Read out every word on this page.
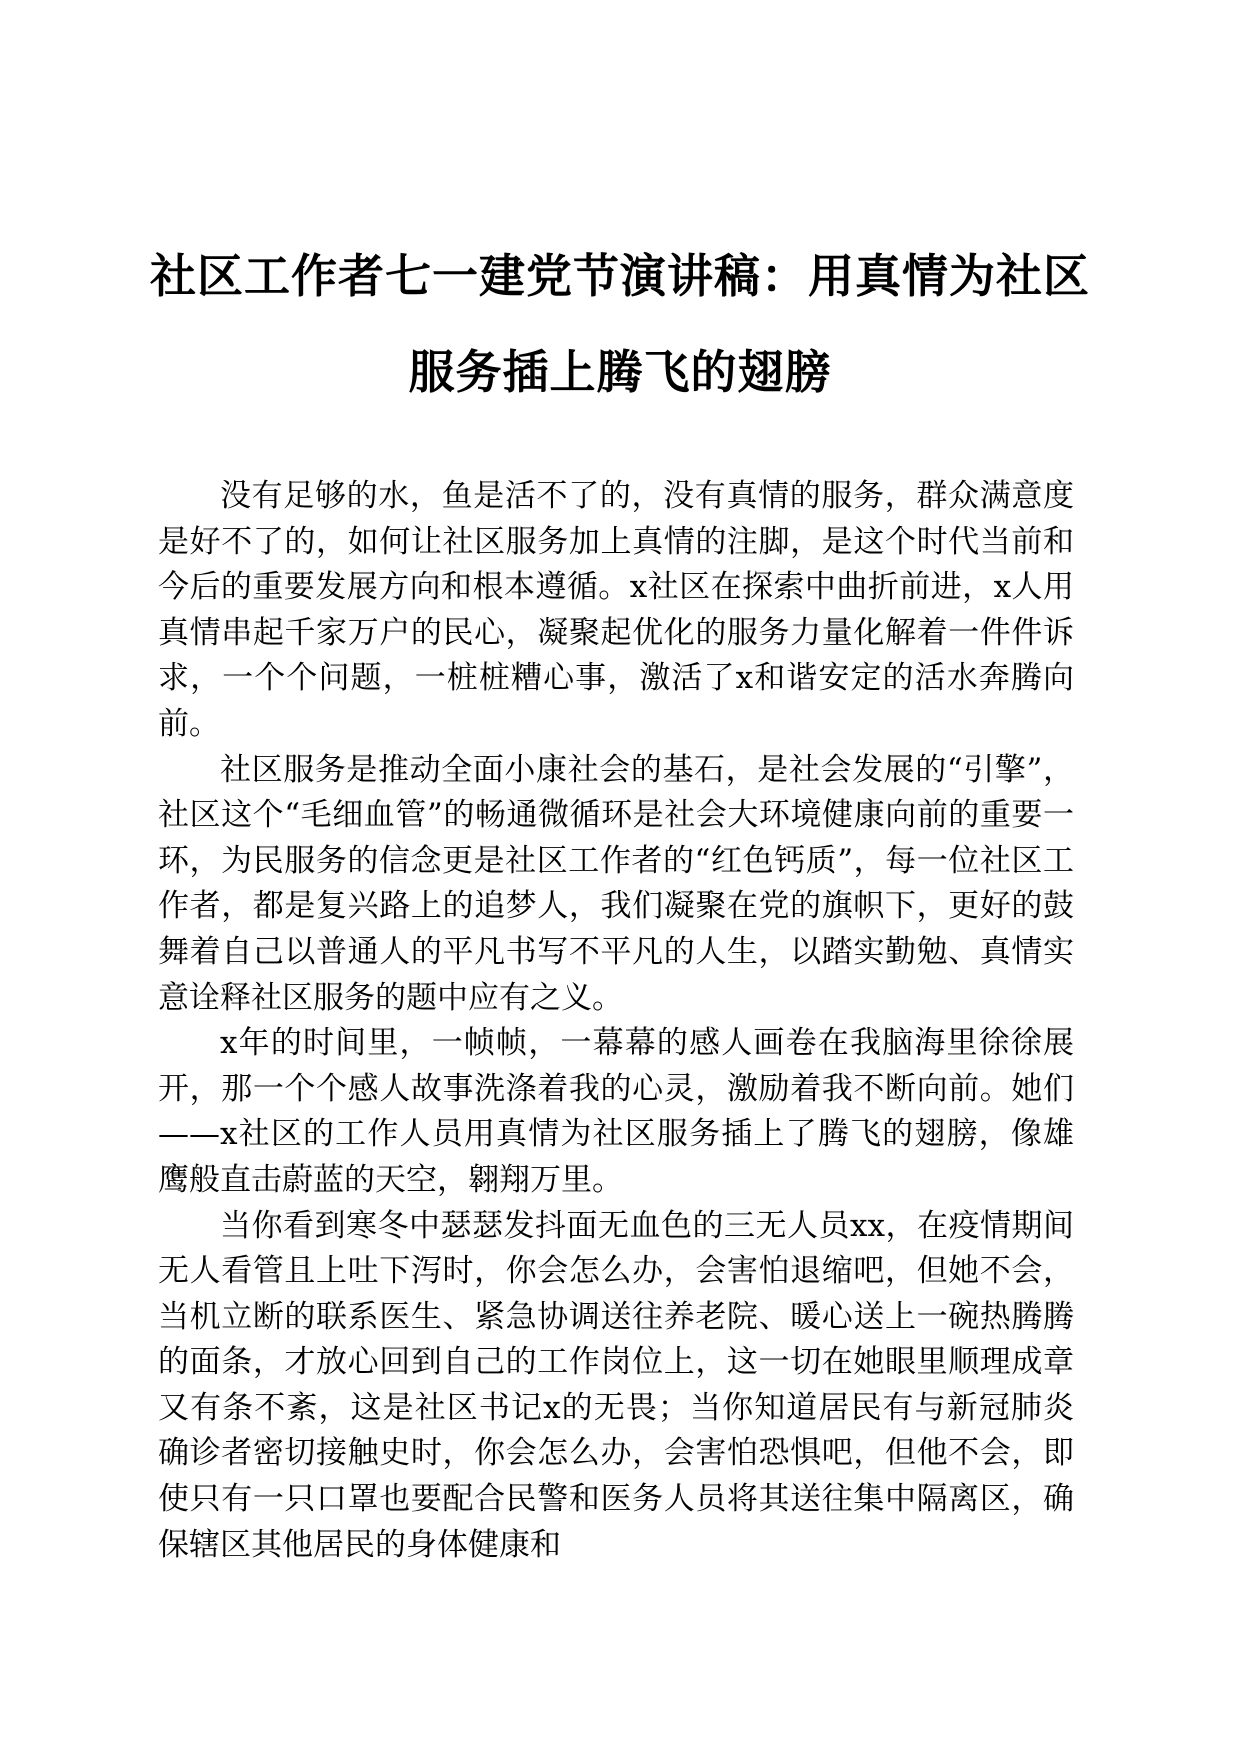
社区工作者七一建党节演讲稿：用真情为社区
服务插上腾飞的翅膀

没有足够的水，鱼是活不了的，没有真情的服务，群众满意度是好不了的，如何让社区服务加上真情的注脚，是这个时代当前和今后的重要发展方向和根本遵循。x社区在探索中曲折前进，x人用真情串起千家万户的民心，凝聚起优化的服务力量化解着一件件诉求，一个个问题，一桩桩糟心事，激活了x和谐安定的活水奔腾向前。

社区服务是推动全面小康社会的基石，是社会发展的“引擎”，社区这个“毛细血管”的畅通微循环是社会大环境健康向前的重要一环，为民服务的信念更是社区工作者的“红色钙质”，每一位社区工作者，都是复兴路上的追梦人，我们凝聚在党的旗帜下，更好的鼓舞着自己以普通人的平凡书写不平凡的人生，以踏实勤勉、真情实意诠释社区服务的题中应有之义。

x年的时间里，一帧帧，一幕幕的感人画卷在我脑海里徐徐展开，那一个个感人故事洗涤着我的心灵，激励着我不断向前。她们——x社区的工作人员用真情为社区服务插上了腾飞的翅膀，像雄鹰般直击蔚蓝的天空，翱翔万里。

当你看到寒冬中瑟瑟发抖面无血色的三无人员xx，在疫情期间无人看管且上吐下泻时，你会怎么办，会害怕退缩吧，但她不会，当机立断的联系医生、紧急协调送往养老院、暖心送上一碗热腾腾的面条，才放心回到自己的工作岗位上，这一切在她眼里顺理成章又有条不紊，这是社区书记x的无畏；当你知道居民有与新冠肺炎确诊者密切接触史时，你会怎么办，会害怕恐惧吧，但他不会，即使只有一只口罩也要配合民警和医务人员将其送往集中隔离区，确保辖区其他居民的身体健康和
